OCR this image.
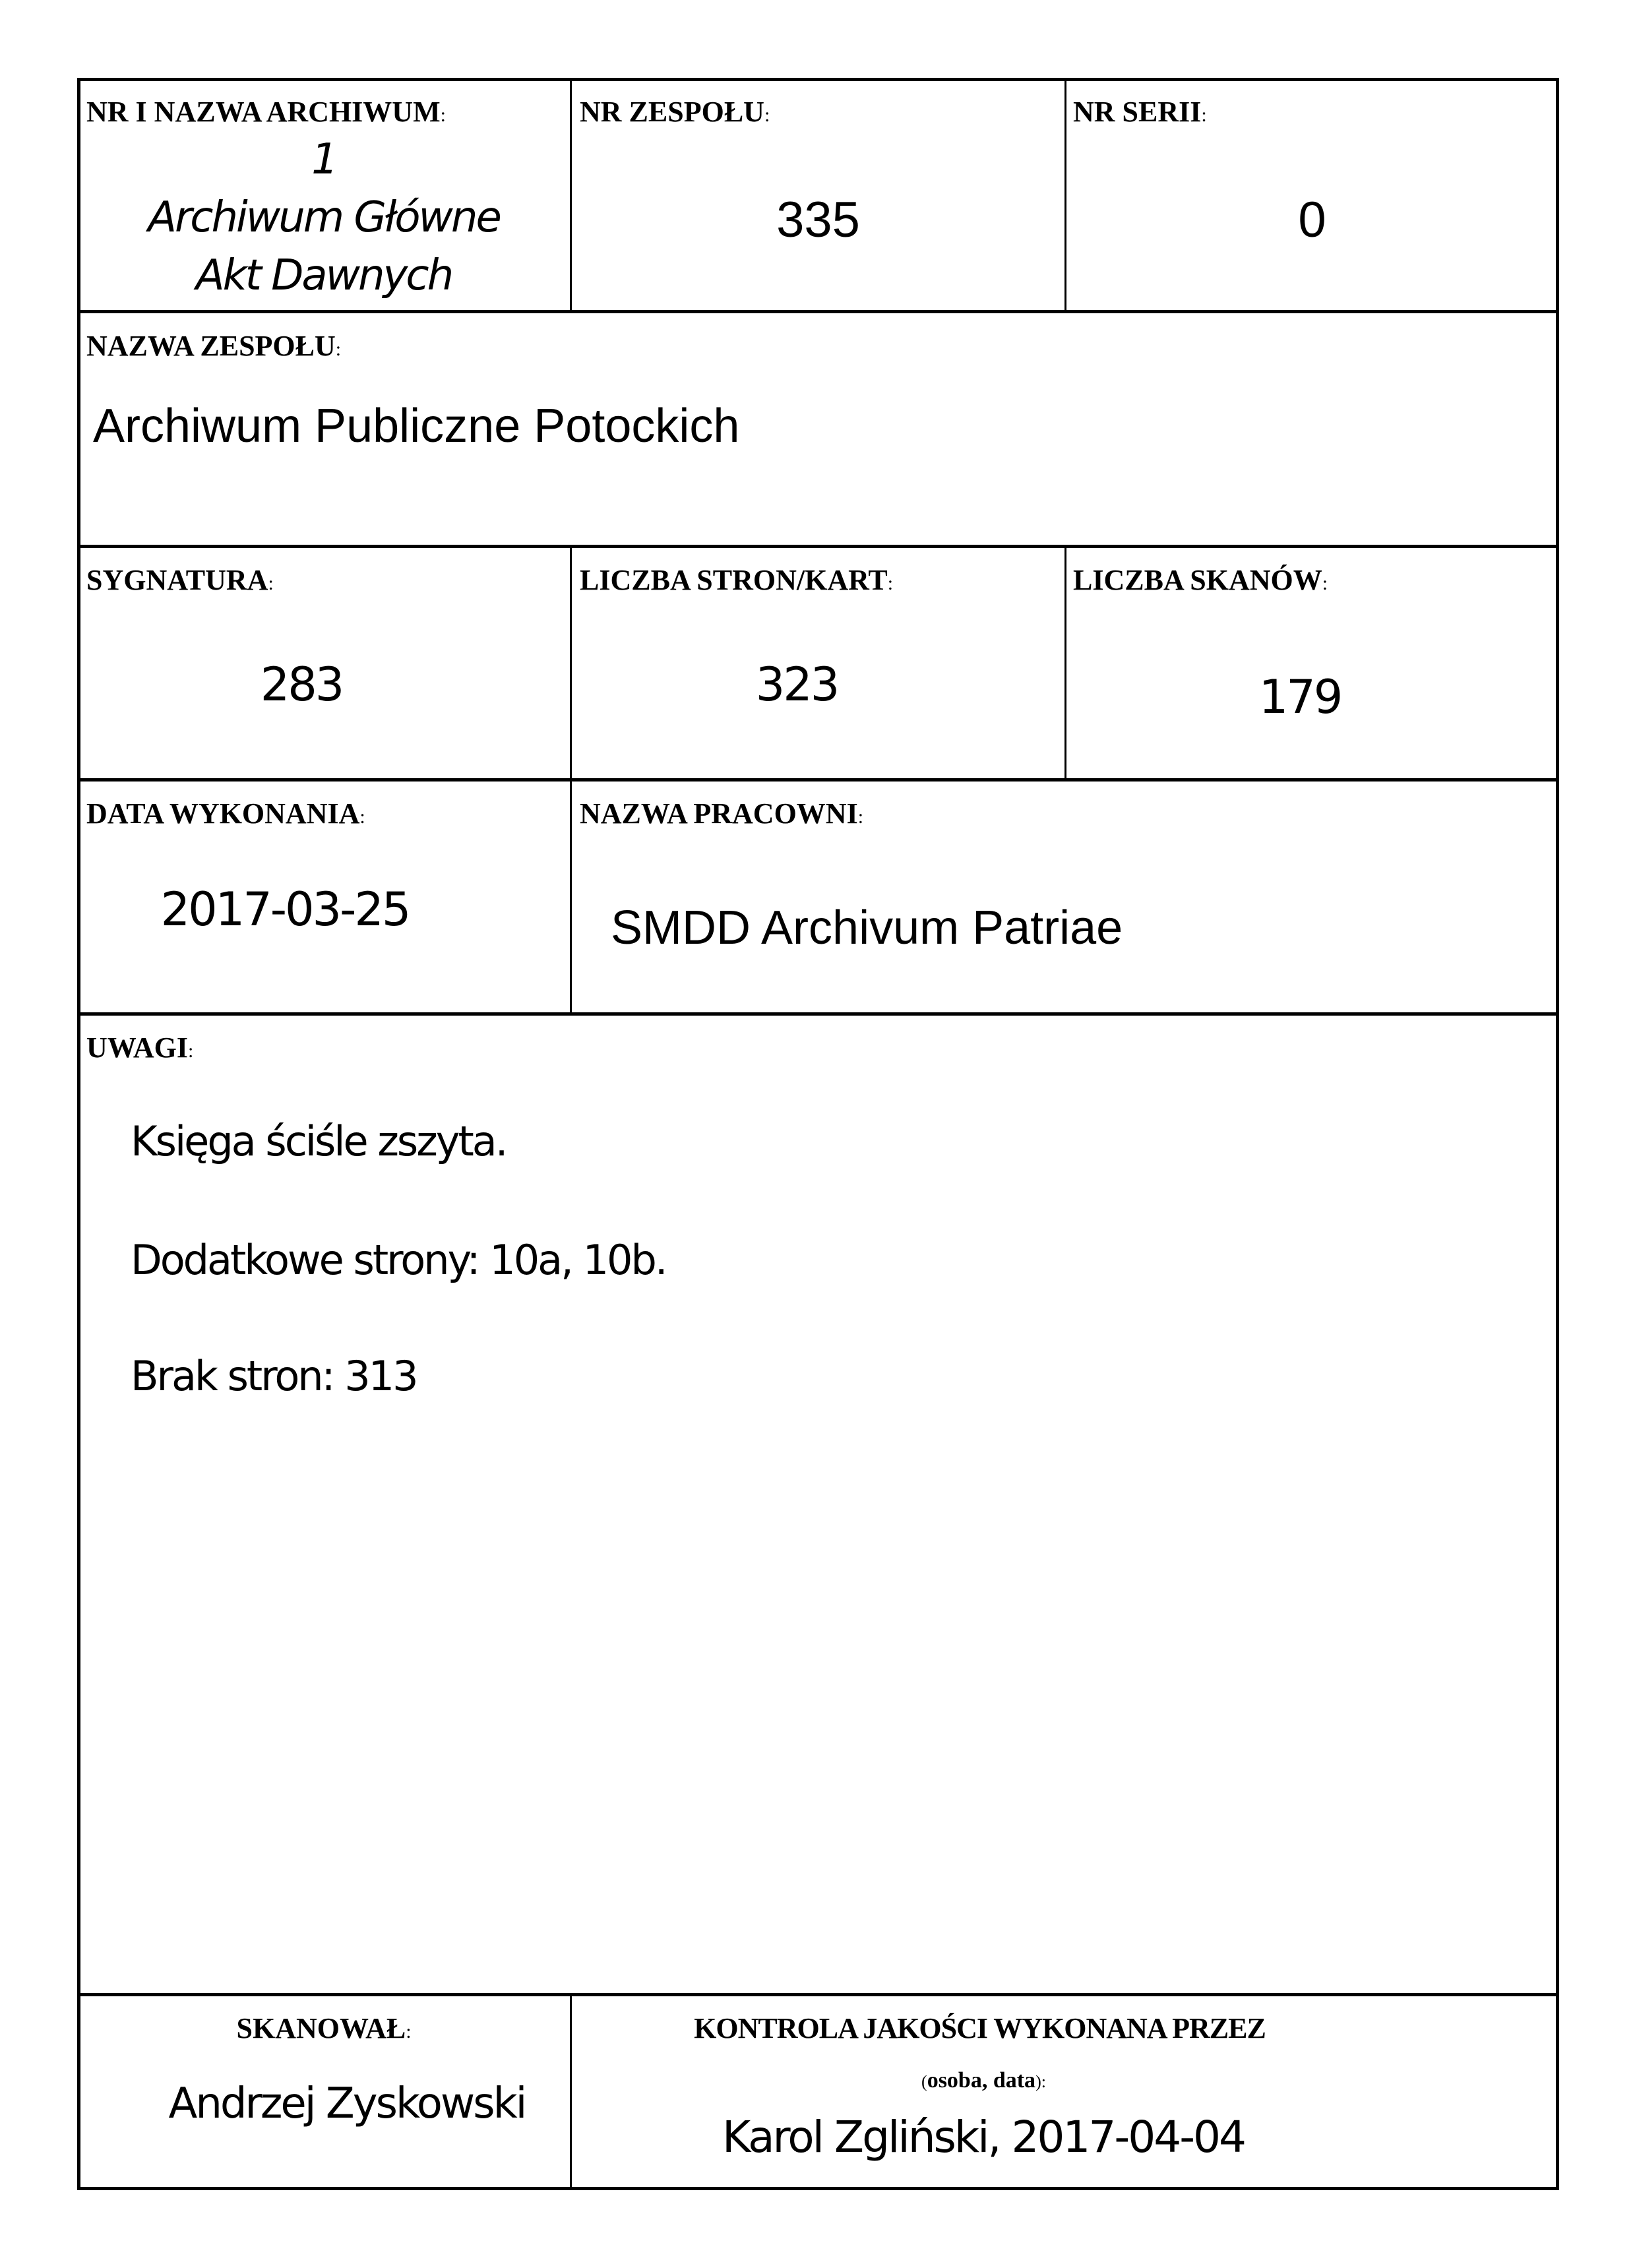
NR I NAZWA ARCHIWUM:
1
Archiwum Główne
Akt Dawnych
NR ZESPOŁU:
335
NR SERII:
0
NAZWA ZESPOŁU:
Archiwum Publiczne Potockich
SYGNATURA:
283
LICZBA STRON/KART:
323
LICZBA SKANÓW:
179
DATA WYKONANIA:
2017-03-25
NAZWA PRACOWNI:
SMDD Archivum Patriae
UWAGI:
Księga ściśle zszyta.
Dodatkowe strony: 10a, 10b.
Brak stron: 313
SKANOWAŁ:
Andrzej Zyskowski
KONTROLA JAKOŚCI WYKONANA PRZEZ
(osoba, data):
Karol Zgliński, 2017-04-04
